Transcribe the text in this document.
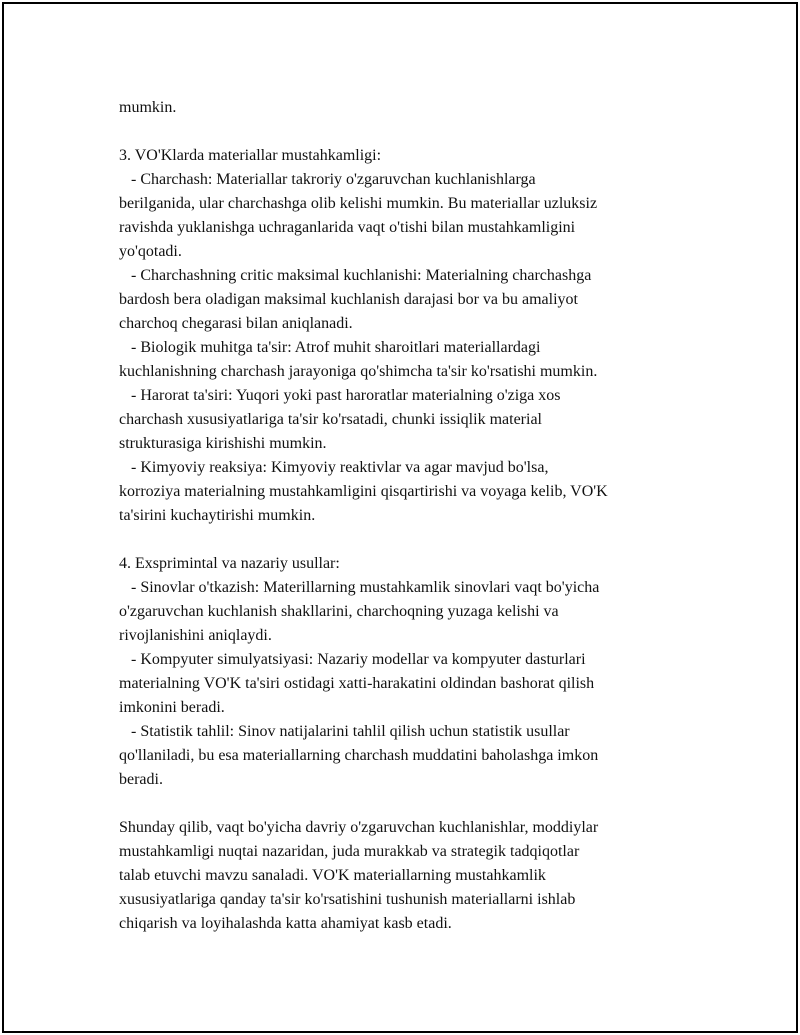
mumkin.
3. VO'Klarda materiallar mustahkamligi:
- Charchash: Materiallar takroriy o'zgaruvchan kuchlanishlarga
berilganida, ular charchashga olib kelishi mumkin. Bu materiallar uzluksiz
ravishda yuklanishga uchraganlarida vaqt o'tishi bilan mustahkamligini
yo'qotadi.
- Charchashning critic maksimal kuchlanishi: Materialning charchashga
bardosh bera oladigan maksimal kuchlanish darajasi bor va bu amaliyot
charchoq chegarasi bilan aniqlanadi.
- Biologik muhitga ta'sir: Atrof muhit sharoitlari materiallardagi
kuchlanishning charchash jarayoniga qo'shimcha ta'sir ko'rsatishi mumkin.
- Harorat ta'siri: Yuqori yoki past haroratlar materialning o'ziga xos
charchash xususiyatlariga ta'sir ko'rsatadi, chunki issiqlik material
strukturasiga kirishishi mumkin.
- Kimyoviy reaksiya: Kimyoviy reaktivlar va agar mavjud bo'lsa,
korroziya materialning mustahkamligini qisqartirishi va voyaga kelib, VO'K
ta'sirini kuchaytirishi mumkin.
4. Exsprimintal va nazariy usullar:
- Sinovlar o'tkazish: Materillarning mustahkamlik sinovlari vaqt bo'yicha
o'zgaruvchan kuchlanish shakllarini, charchoqning yuzaga kelishi va
rivojlanishini aniqlaydi.
- Kompyuter simulyatsiyasi: Nazariy modellar va kompyuter dasturlari
materialning VO'K ta'siri ostidagi xatti-harakatini oldindan bashorat qilish
imkonini beradi.
- Statistik tahlil: Sinov natijalarini tahlil qilish uchun statistik usullar
qo'llaniladi, bu esa materiallarning charchash muddatini baholashga imkon
beradi.
Shunday qilib, vaqt bo'yicha davriy o'zgaruvchan kuchlanishlar, moddiylar
mustahkamligi nuqtai nazaridan, juda murakkab va strategik tadqiqotlar
talab etuvchi mavzu sanaladi. VO'K materiallarning mustahkamlik
xususiyatlariga qanday ta'sir ko'rsatishini tushunish materiallarni ishlab
chiqarish va loyihalashda katta ahamiyat kasb etadi.
